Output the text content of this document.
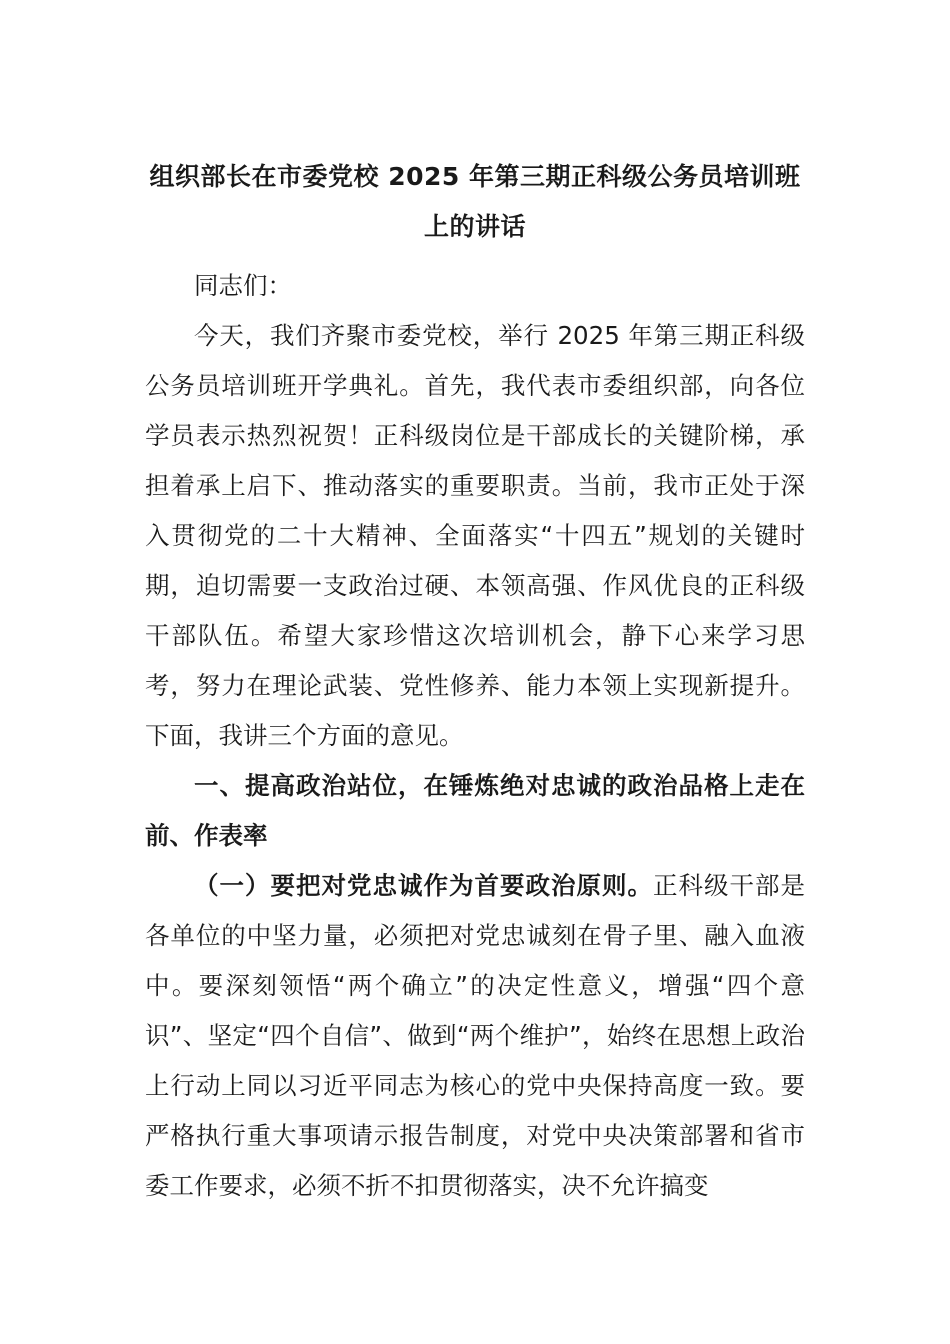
组织部长在市委党校 2025 年第三期正科级公务员培训班
上的讲话

同志们：

今天，我们齐聚市委党校，举行 2025 年第三期正科级公务员培训班开学典礼。首先，我代表市委组织部，向各位学员表示热烈祝贺！正科级岗位是干部成长的关键阶梯，承担着承上启下、推动落实的重要职责。当前，我市正处于深入贯彻党的二十大精神、全面落实“十四五”规划的关键时期，迫切需要一支政治过硬、本领高强、作风优良的正科级干部队伍。希望大家珍惜这次培训机会，静下心来学习思考，努力在理论武装、党性修养、能力本领上实现新提升。下面，我讲三个方面的意见。

一、提高政治站位，在锤炼绝对忠诚的政治品格上走在前、作表率

（一）要把对党忠诚作为首要政治原则。正科级干部是各单位的中坚力量，必须把对党忠诚刻在骨子里、融入血液中。要深刻领悟“两个确立”的决定性意义，增强“四个意识”、坚定“四个自信”、做到“两个维护”，始终在思想上政治上行动上同以习近平同志为核心的党中央保持高度一致。要严格执行重大事项请示报告制度，对党中央决策部署和省市委工作要求，必须不折不扣贯彻落实，决不允许搞变
